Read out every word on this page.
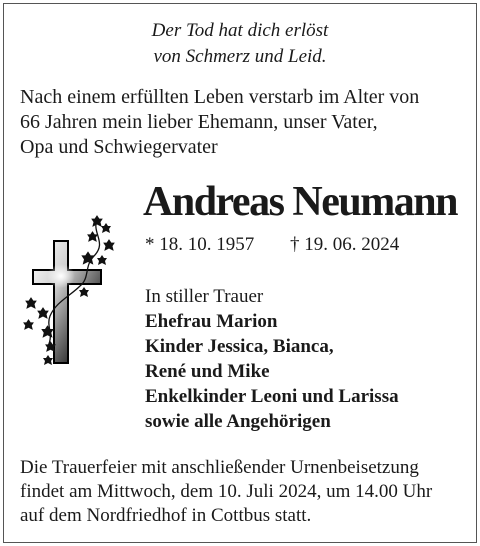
Der Tod hat dich erlöst
von Schmerz und Leid.
Nach einem erfüllten Leben verstarb im Alter von
66 Jahren mein lieber Ehemann, unser Vater,
Opa und Schwiegervater
Andreas Neumann
* 18. 10. 1957 † 19. 06. 2024
In stiller Trauer
Ehefrau Marion
Kinder Jessica, Bianca,
René und Mike
Enkelkinder Leoni und Larissa
sowie alle Angehörigen
Die Trauerfeier mit anschließender Urnenbeisetzung
findet am Mittwoch, dem 10. Juli 2024, um 14.00 Uhr
auf dem Nordfriedhof in Cottbus statt.
